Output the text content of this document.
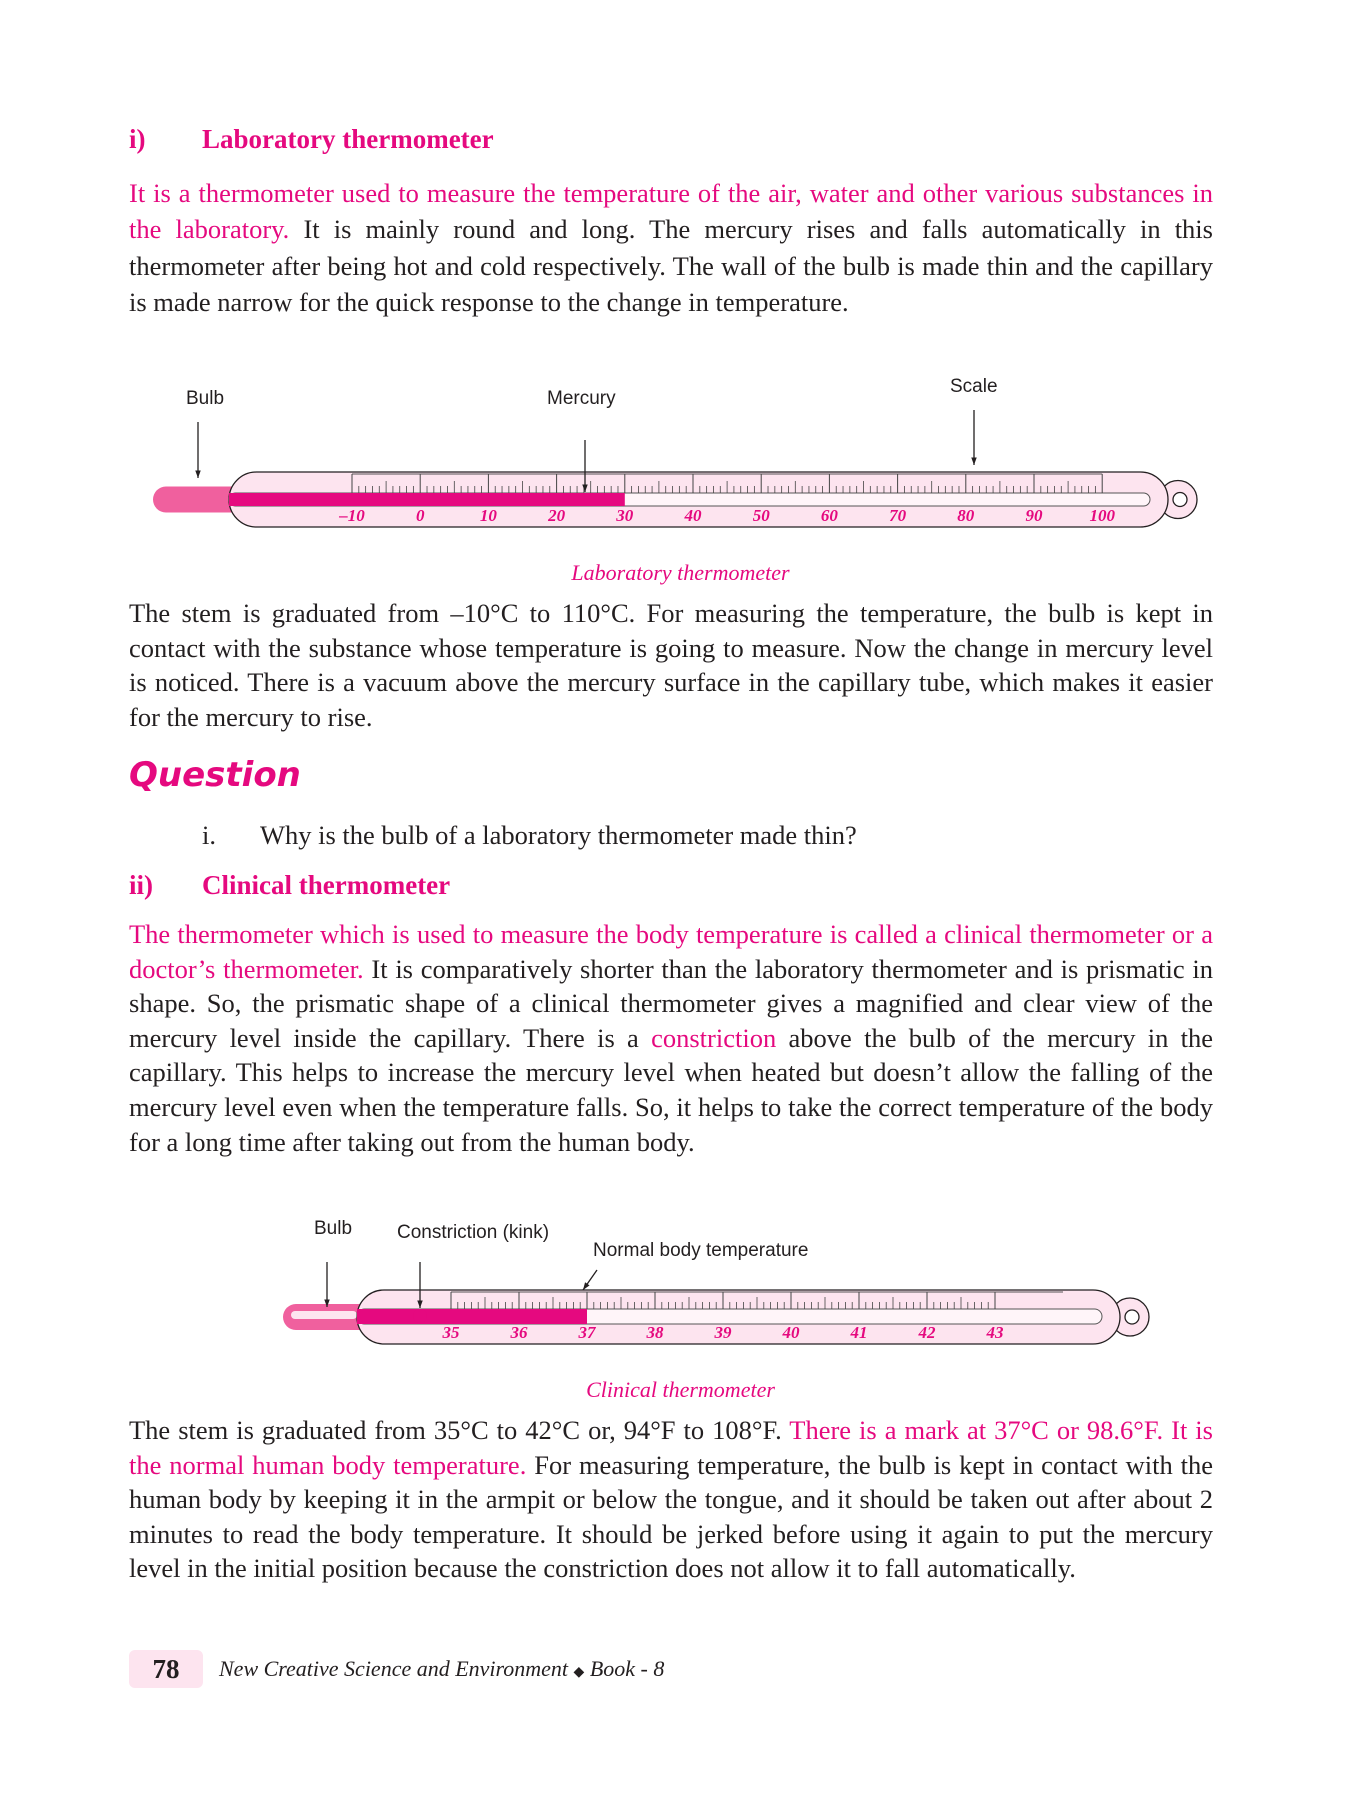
i) Laboratory thermometer
It is a thermometer used to measure the temperature of the air, water and other various substances in the laboratory. It is mainly round and long. The mercury rises and falls automatically in this thermometer after being hot and cold respectively. The wall of the bulb is made thin and the capillary is made narrow for the quick response to the change in temperature.
Bulb	Mercury
Scale
–10	0	10	20	30	40	50	60	70	80	90	100
Laboratory thermometer
The stem is graduated from –10°C to 110°C. For measuring the temperature, the bulb is kept in contact with the substance whose temperature is going to measure. Now the change in mercury level is noticed. There is a vacuum above the mercury surface in the capillary tube, which makes it easier for the mercury to rise.
Question
i. Why is the bulb of a laboratory thermometer made thin?
ii) Clinical thermometer
The thermometer which is used to measure the body temperature is called a clinical thermometer or a doctor’s thermometer. It is comparatively shorter than the laboratory thermometer and is prismatic in shape. So, the prismatic shape of a clinical thermometer gives a magnified and clear view of the mercury level inside the capillary. There is a constriction above the bulb of the mercury in the capillary. This helps to increase the mercury level when heated but doesn’t allow the falling of the mercury level even when the temperature falls. So, it helps to take the correct temperature of the body for a long time after taking out from the human body.
Bulb Constriction (kink)
Normal body temperature
35	36	37	38	39	40	41	42	43
Clinical thermometer
The stem is graduated from 35°C to 42°C or, 94°F to 108°F. There is a mark at 37°C or 98.6°F. It is the normal human body temperature. For measuring temperature, the bulb is kept in contact with the human body by keeping it in the armpit or below the tongue, and it should be taken out after about 2 minutes to read the body temperature. It should be jerked before using it again to put the mercury level in the initial position because the constriction does not allow it to fall automatically.
78	New Creative Science and Environment ◆ Book - 8
